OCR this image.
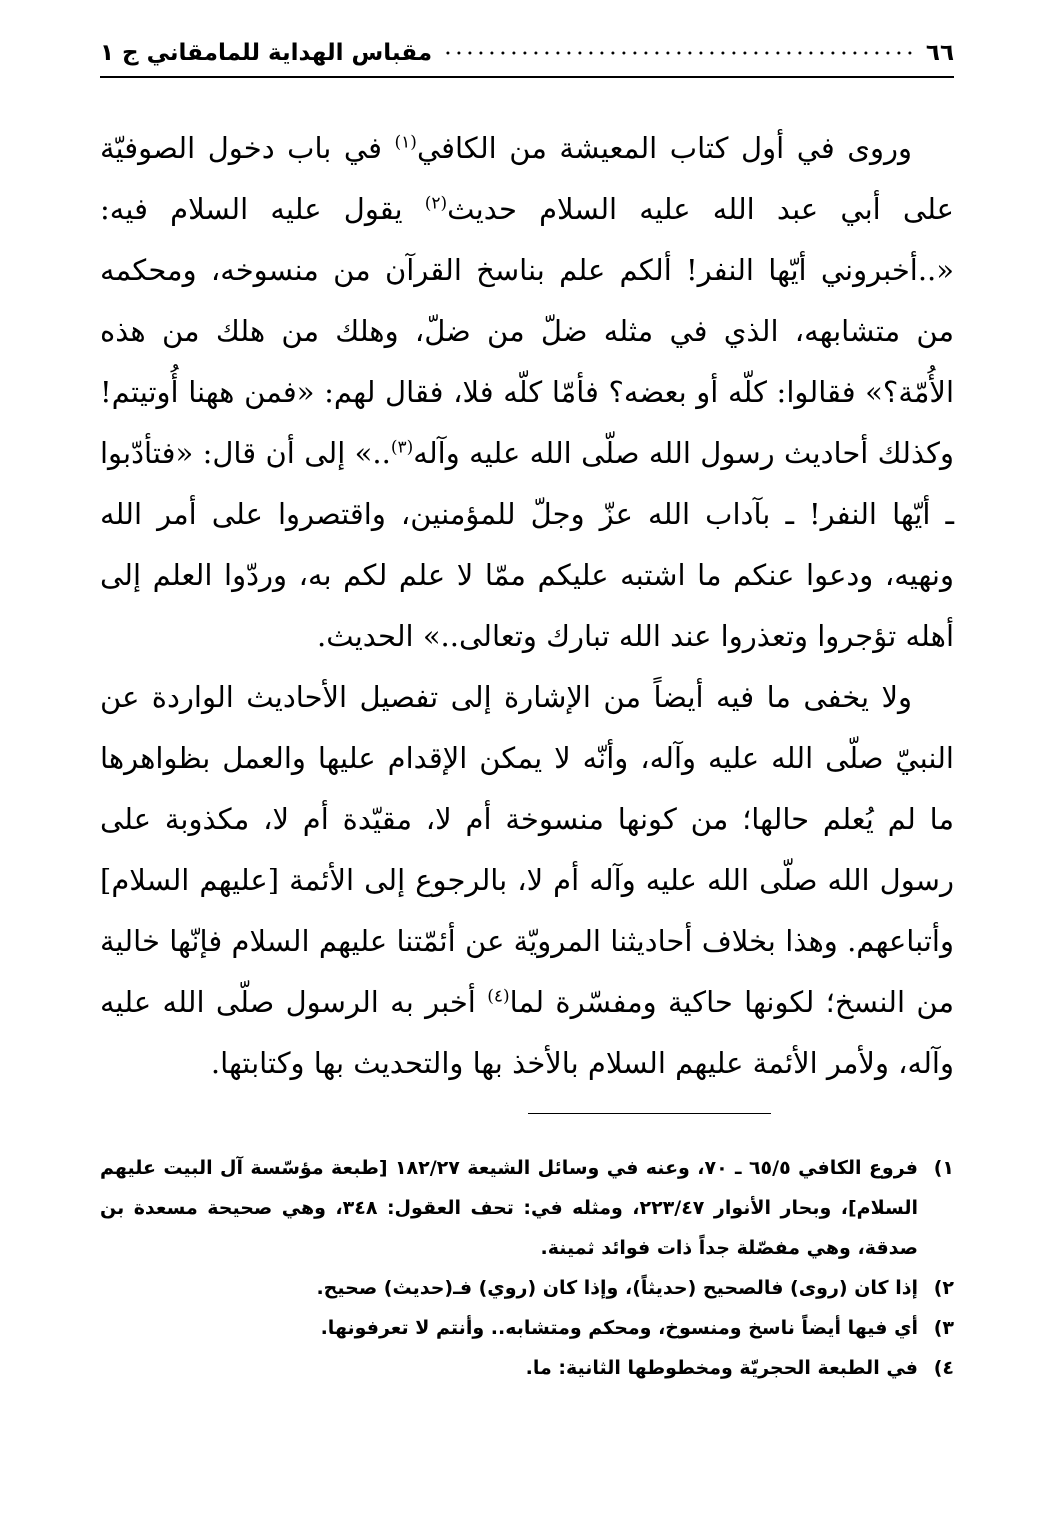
٦٦
مقباس الهداية للمامقاني ج ١

وروى في أول كتاب المعيشة من الكافي$^{(١)}$ في باب دخول الصوفيّة على أبي عبد الله عليه السلام حديث$^{(٢)}$ يقول عليه السلام فيه: «..أخبروني أيّها النفر! ألكم علم بناسخ القرآن من منسوخه، ومحكمه من متشابهه، الذي في مثله ضلّ من ضلّ، وهلك من هلك من هذه الأُمّة؟» فقالوا: كلّه أو بعضه؟ فأمّا كلّه فلا، فقال لهم: «فمن ههنا أُوتيتم! وكذلك أحاديث رسول الله صلّى الله عليه وآله$^{(٣)}$..» إلى أن قال: «فتأدّبوا ـ أيّها النفر! ـ بآداب الله عزّ وجلّ للمؤمنين، واقتصروا على أمر الله ونهيه، ودعوا عنكم ما اشتبه عليكم ممّا لا علم لكم به، وردّوا العلم إلى أهله تؤجروا وتعذروا عند الله تبارك وتعالى..» الحديث.

ولا يخفى ما فيه أيضاً من الإشارة إلى تفصيل الأحاديث الواردة عن النبيّ صلّى الله عليه وآله، وأنّه لا يمكن الإقدام عليها والعمل بظواهرها ما لم يُعلم حالها؛ من كونها منسوخة أم لا، مقيّدة أم لا، مكذوبة على رسول الله صلّى الله عليه وآله أم لا، بالرجوع إلى الأئمة [عليهم السلام] وأتباعهم. وهذا بخلاف أحاديثنا المرويّة عن أئمّتنا عليهم السلام فإنّها خالية من النسخ؛ لكونها حاكية ومفسّرة لما$^{(٤)}$ أخبر به الرسول صلّى الله عليه وآله، ولأمر الأئمة عليهم السلام بالأخذ بها والتحديث بها وكتابتها.

١)
فروع الكافي ٦٥/٥ ـ ٧٠، وعنه في وسائل الشيعة ١٨٢/٢٧ [طبعة مؤسّسة آل البيت عليهم السلام]، وبحار الأنوار ٢٢٣/٤٧، ومثله في: تحف العقول: ٣٤٨، وهي صحيحة مسعدة بن صدقة، وهي مفصّلة جداً ذات فوائد ثمينة.
٢)
إذا كان (روى) فالصحيح (حديثاً)، وإذا كان (روي) فـ(حديث) صحيح.
٣)
أي فيها أيضاً ناسخ ومنسوخ، ومحكم ومتشابه.. وأنتم لا تعرفونها.
٤)
في الطبعة الحجريّة ومخطوطها الثانية: ما.
